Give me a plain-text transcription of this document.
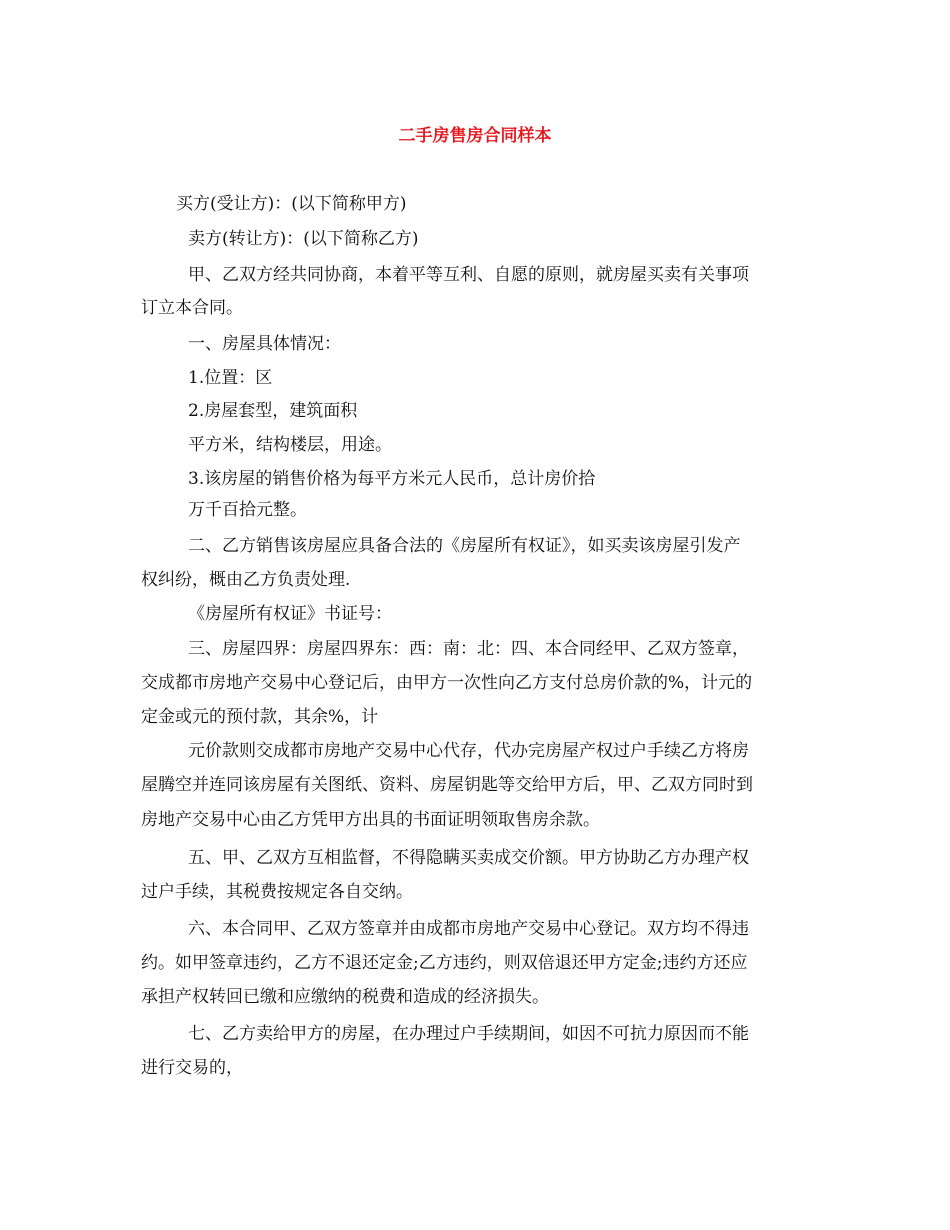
二手房售房合同样本

买方(受让方)：(以下简称甲方)

卖方(转让方)：(以下简称乙方)

甲、乙双方经共同协商，本着平等互利、自愿的原则，就房屋买卖有关事项

订立本合同。

一、房屋具体情况：

1.位置：区

2.房屋套型，建筑面积

平方米，结构楼层，用途。

3.该房屋的销售价格为每平方米元人民币，总计房价拾

万千百拾元整。

二、乙方销售该房屋应具备合法的《房屋所有权证》，如买卖该房屋引发产

权纠纷，概由乙方负责处理.

《房屋所有权证》书证号：

三、房屋四界：房屋四界东：西：南：北：四、本合同经甲、乙双方签章，

交成都市房地产交易中心登记后，由甲方一次性向乙方支付总房价款的%，计元的

定金或元的预付款，其余%，计

元价款则交成都市房地产交易中心代存，代办完房屋产权过户手续乙方将房

屋腾空并连同该房屋有关图纸、资料、房屋钥匙等交给甲方后，甲、乙双方同时到

房地产交易中心由乙方凭甲方出具的书面证明领取售房余款。

五、甲、乙双方互相监督，不得隐瞒买卖成交价额。甲方协助乙方办理产权

过户手续，其税费按规定各自交纳。

六、本合同甲、乙双方签章并由成都市房地产交易中心登记。双方均不得违

约。如甲签章违约，乙方不退还定金;乙方违约，则双倍退还甲方定金;违约方还应

承担产权转回已缴和应缴纳的税费和造成的经济损失。

七、乙方卖给甲方的房屋，在办理过户手续期间，如因不可抗力原因而不能

进行交易的，
